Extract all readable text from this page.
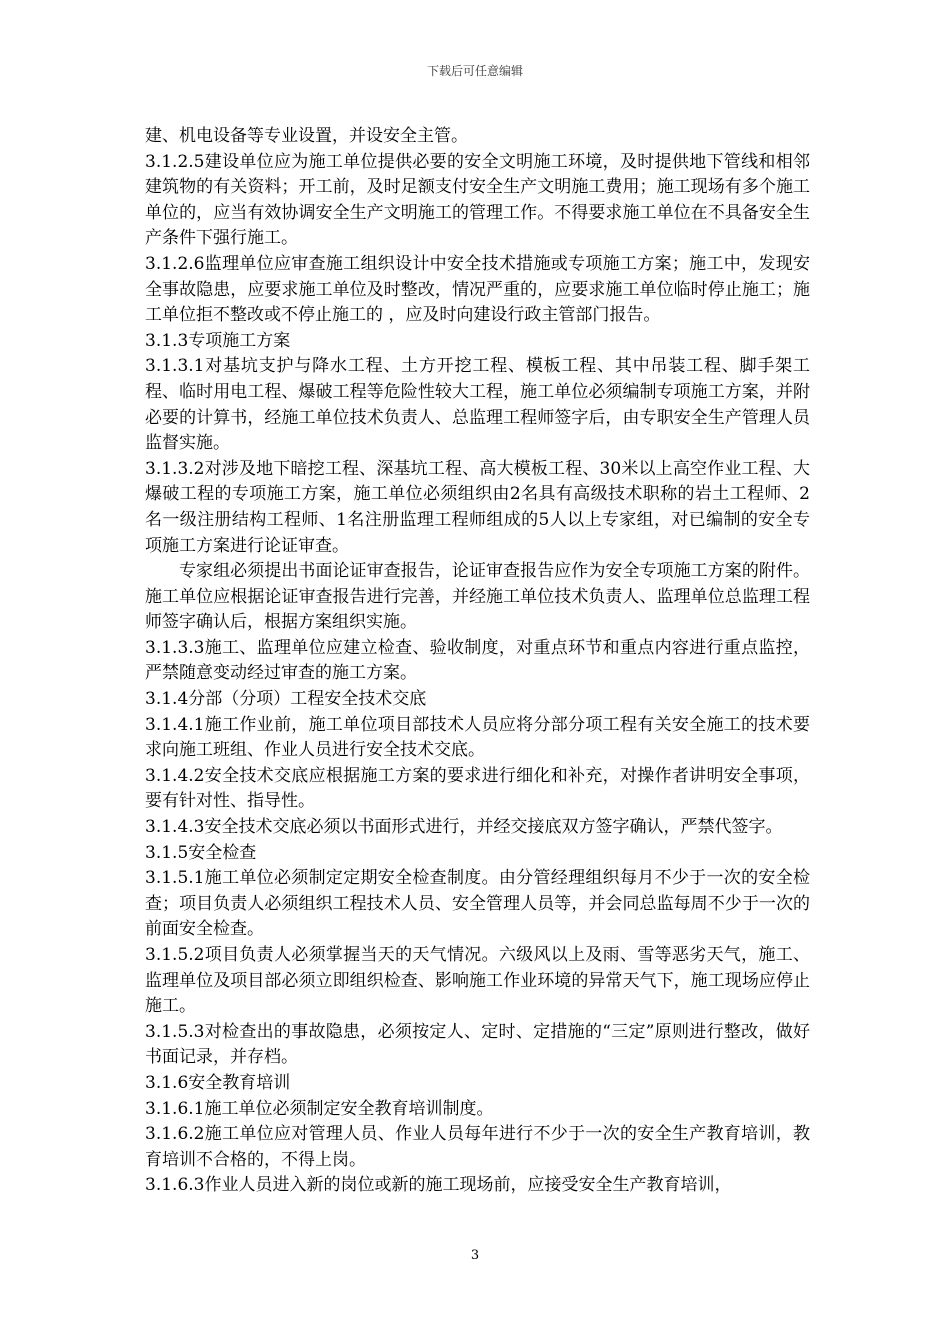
下载后可任意编辑

建、机电设备等专业设置，并设安全主管。

3.1.2.5建设单位应为施工单位提供必要的安全文明施工环境，及时提供地下管线和相邻建筑物的有关资料；开工前，及时足额支付安全生产文明施工费用；施工现场有多个施工单位的，应当有效协调安全生产文明施工的管理工作。不得要求施工单位在不具备安全生产条件下强行施工。

3.1.2.6监理单位应审查施工组织设计中安全技术措施或专项施工方案；施工中，发现安全事故隐患，应要求施工单位及时整改，情况严重的，应要求施工单位临时停止施工；施工单位拒不整改或不停止施工的 ，应及时向建设行政主管部门报告。

3.1.3专项施工方案

3.1.3.1对基坑支护与降水工程、土方开挖工程、模板工程、其中吊装工程、脚手架工程、临时用电工程、爆破工程等危险性较大工程，施工单位必须编制专项施工方案，并附必要的计算书，经施工单位技术负责人、总监理工程师签字后，由专职安全生产管理人员监督实施。

3.1.3.2对涉及地下暗挖工程、深基坑工程、高大模板工程、30米以上高空作业工程、大爆破工程的专项施工方案，施工单位必须组织由2名具有高级技术职称的岩土工程师、2名一级注册结构工程师、1名注册监理工程师组成的5人以上专家组，对已编制的安全专项施工方案进行论证审查。

专家组必须提出书面论证审查报告，论证审查报告应作为安全专项施工方案的附件。施工单位应根据论证审查报告进行完善，并经施工单位技术负责人、监理单位总监理工程师签字确认后，根据方案组织实施。

3.1.3.3施工、监理单位应建立检查、验收制度，对重点环节和重点内容进行重点监控，严禁随意变动经过审查的施工方案。

3.1.4分部（分项）工程安全技术交底

3.1.4.1施工作业前，施工单位项目部技术人员应将分部分项工程有关安全施工的技术要求向施工班组、作业人员进行安全技术交底。

3.1.4.2安全技术交底应根据施工方案的要求进行细化和补充，对操作者讲明安全事项，要有针对性、指导性。

3.1.4.3安全技术交底必须以书面形式进行，并经交接底双方签字确认，严禁代签字。

3.1.5安全检查

3.1.5.1施工单位必须制定定期安全检查制度。由分管经理组织每月不少于一次的安全检查；项目负责人必须组织工程技术人员、安全管理人员等，并会同总监每周不少于一次的前面安全检查。

3.1.5.2项目负责人必须掌握当天的天气情况。六级风以上及雨、雪等恶劣天气，施工、监理单位及项目部必须立即组织检查、影响施工作业环境的异常天气下，施工现场应停止施工。

3.1.5.3对检查出的事故隐患，必须按定人、定时、定措施的“三定”原则进行整改，做好书面记录，并存档。

3.1.6安全教育培训

3.1.6.1施工单位必须制定安全教育培训制度。

3.1.6.2施工单位应对管理人员、作业人员每年进行不少于一次的安全生产教育培训，教育培训不合格的，不得上岗。

3.1.6.3作业人员进入新的岗位或新的施工现场前，应接受安全生产教育培训，

3
